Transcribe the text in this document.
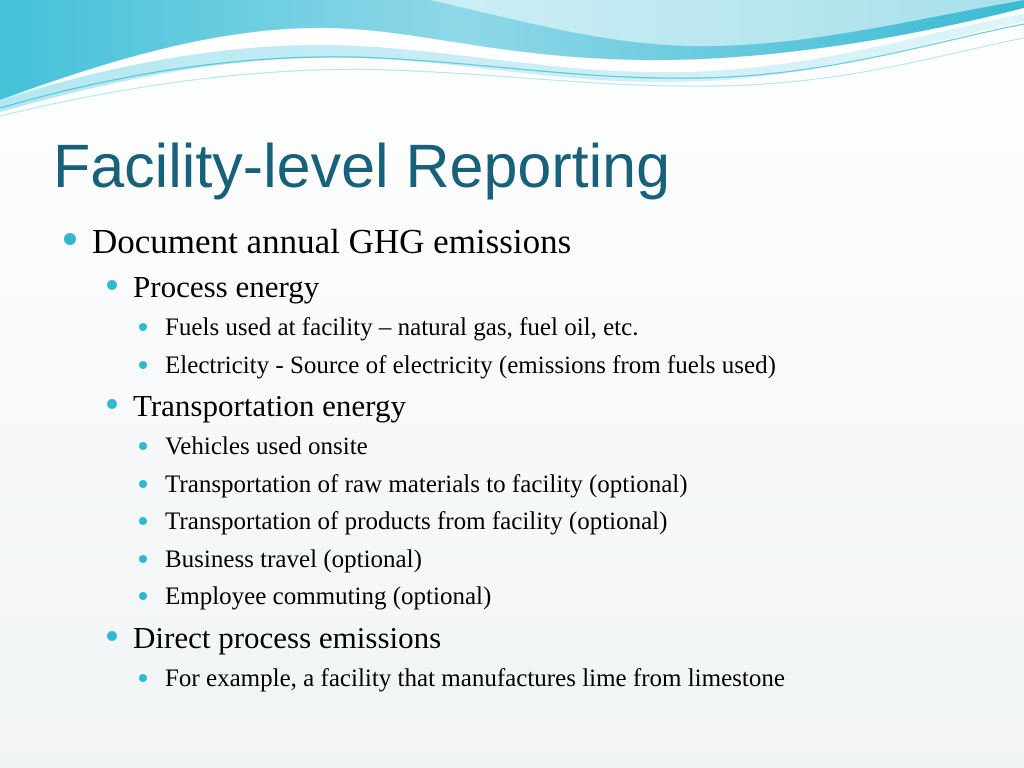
Facility-level Reporting
Document annual GHG emissions
Process energy
Fuels used at facility – natural gas, fuel oil, etc.
Electricity - Source of electricity (emissions from fuels used)
Transportation energy
Vehicles used onsite
Transportation of raw materials to facility (optional)
Transportation of products from facility (optional)
Business travel (optional)
Employee commuting (optional)
Direct process emissions
For example, a facility that manufactures lime from limestone
